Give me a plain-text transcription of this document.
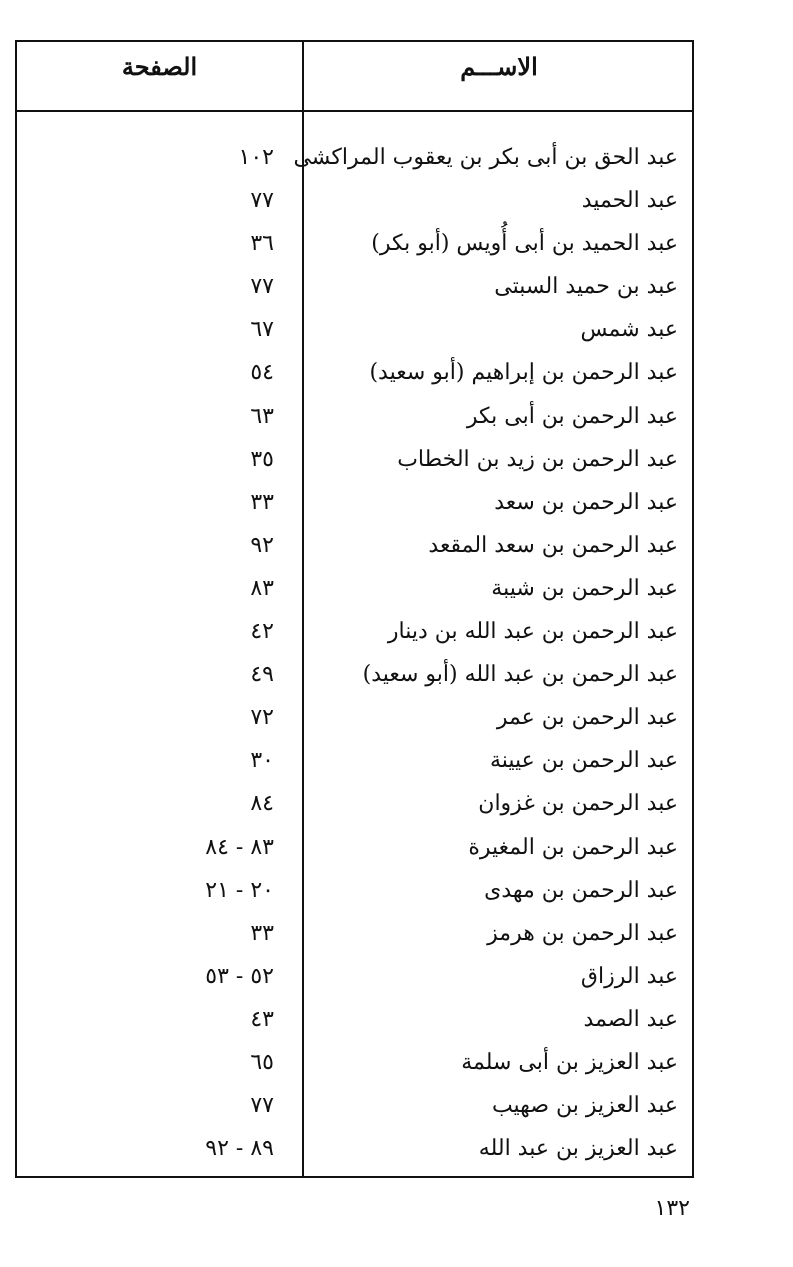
الاســـم
الصفحة
عبد الحق بن أبى بكر بن يعقوب المراكشى
١٠٢
عبد الحميد
٧٧
عبد الحميد بن أبى أُويس (أبو بكر)
٣٦
عبد بن حميد السبتى
٧٧
عبد شمس
٦٧
عبد الرحمن بن إبراهيم (أبو سعيد)
٥٤
عبد الرحمن بن أبى بكر
٦٣
عبد الرحمن بن زيد بن الخطاب
٣٥
عبد الرحمن بن سعد
٣٣
عبد الرحمن بن سعد المقعد
٩٢
عبد الرحمن بن شيبة
٨٣
عبد الرحمن بن عبد الله بن دينار
٤٢
عبد الرحمن بن عبد الله (أبو سعيد)
٤٩
عبد الرحمن بن عمر
٧٢
عبد الرحمن بن عيينة
٣٠
عبد الرحمن بن غزوان
٨٤
عبد الرحمن بن المغيرة
٨٣ - ٨٤
عبد الرحمن بن مهدى
٢٠ - ٢١
عبد الرحمن بن هرمز
٣٣
عبد الرزاق
٥٢ - ٥٣
عبد الصمد
٤٣
عبد العزيز بن أبى سلمة
٦٥
عبد العزيز بن صهيب
٧٧
عبد العزيز بن عبد الله
٨٩ - ٩٢
١٣٢
